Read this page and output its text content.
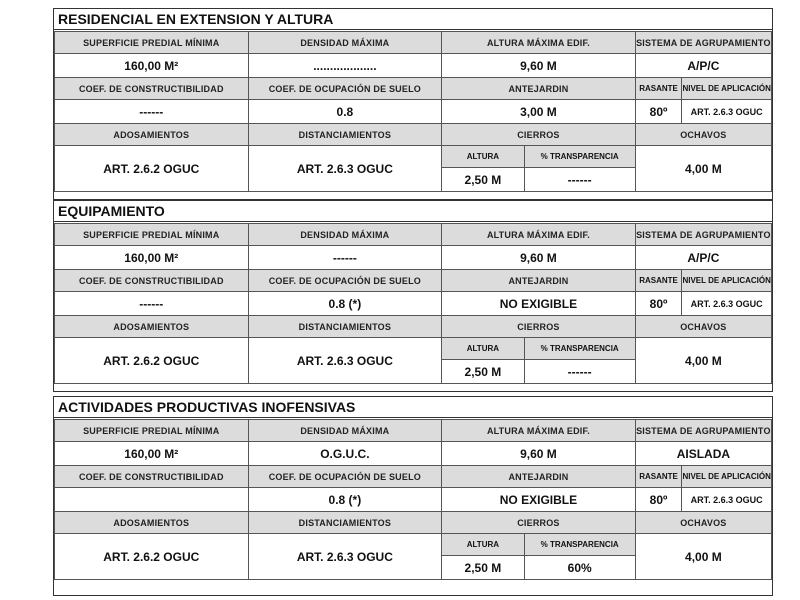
RESIDENCIAL EN EXTENSION Y ALTURA
SUPERFICIE PREDIAL MÍNIMA	DENSIDAD MÁXIMA	ALTURA MÁXIMA EDIF.		SISTEMA DE AGRUPAMIENTO	
160,00 M²	...................	9,60 M		A/P/C	
COEF. DE CONSTRUCTIBILIDAD	COEF. DE OCUPACIÓN DE SUELO	ANTEJARDIN		RASANTE	NIVEL DE APLICACIÓN
------	0.8	3,00 M		80º	ART. 2.6.3 OGUC
ADOSAMIENTOS	DISTANCIAMIENTOS	CIERROS		OCHAVOS	
ART. 2.6.2 OGUC	ART. 2.6.3 OGUC	ALTURA	% TRANSPARENCIA	4,00 M	
		2,50 M	------		
EQUIPAMIENTO
SUPERFICIE PREDIAL MÍNIMA	DENSIDAD MÁXIMA	ALTURA MÁXIMA EDIF.		SISTEMA DE AGRUPAMIENTO	
160,00 M²	------	9,60 M		A/P/C	
COEF. DE CONSTRUCTIBILIDAD	COEF. DE OCUPACIÓN DE SUELO	ANTEJARDIN		RASANTE	NIVEL DE APLICACIÓN
------	0.8 (*)	NO EXIGIBLE		80º	ART. 2.6.3 OGUC
ADOSAMIENTOS	DISTANCIAMIENTOS	CIERROS		OCHAVOS	
ART. 2.6.2 OGUC	ART. 2.6.3 OGUC	ALTURA	% TRANSPARENCIA	4,00 M	
		2,50 M	------		
ACTIVIDADES PRODUCTIVAS INOFENSIVAS
SUPERFICIE PREDIAL MÍNIMA	DENSIDAD MÁXIMA	ALTURA MÁXIMA EDIF.		SISTEMA DE AGRUPAMIENTO	
160,00 M²	O.G.U.C.	9,60 M		AISLADA	
COEF. DE CONSTRUCTIBILIDAD	COEF. DE OCUPACIÓN DE SUELO	ANTEJARDIN		RASANTE	NIVEL DE APLICACIÓN
	0.8 (*)	NO EXIGIBLE		80º	ART. 2.6.3 OGUC
ADOSAMIENTOS	DISTANCIAMIENTOS	CIERROS		OCHAVOS	
ART. 2.6.2 OGUC	ART. 2.6.3 OGUC	ALTURA	% TRANSPARENCIA	4,00 M	
		2,50 M	60%		
